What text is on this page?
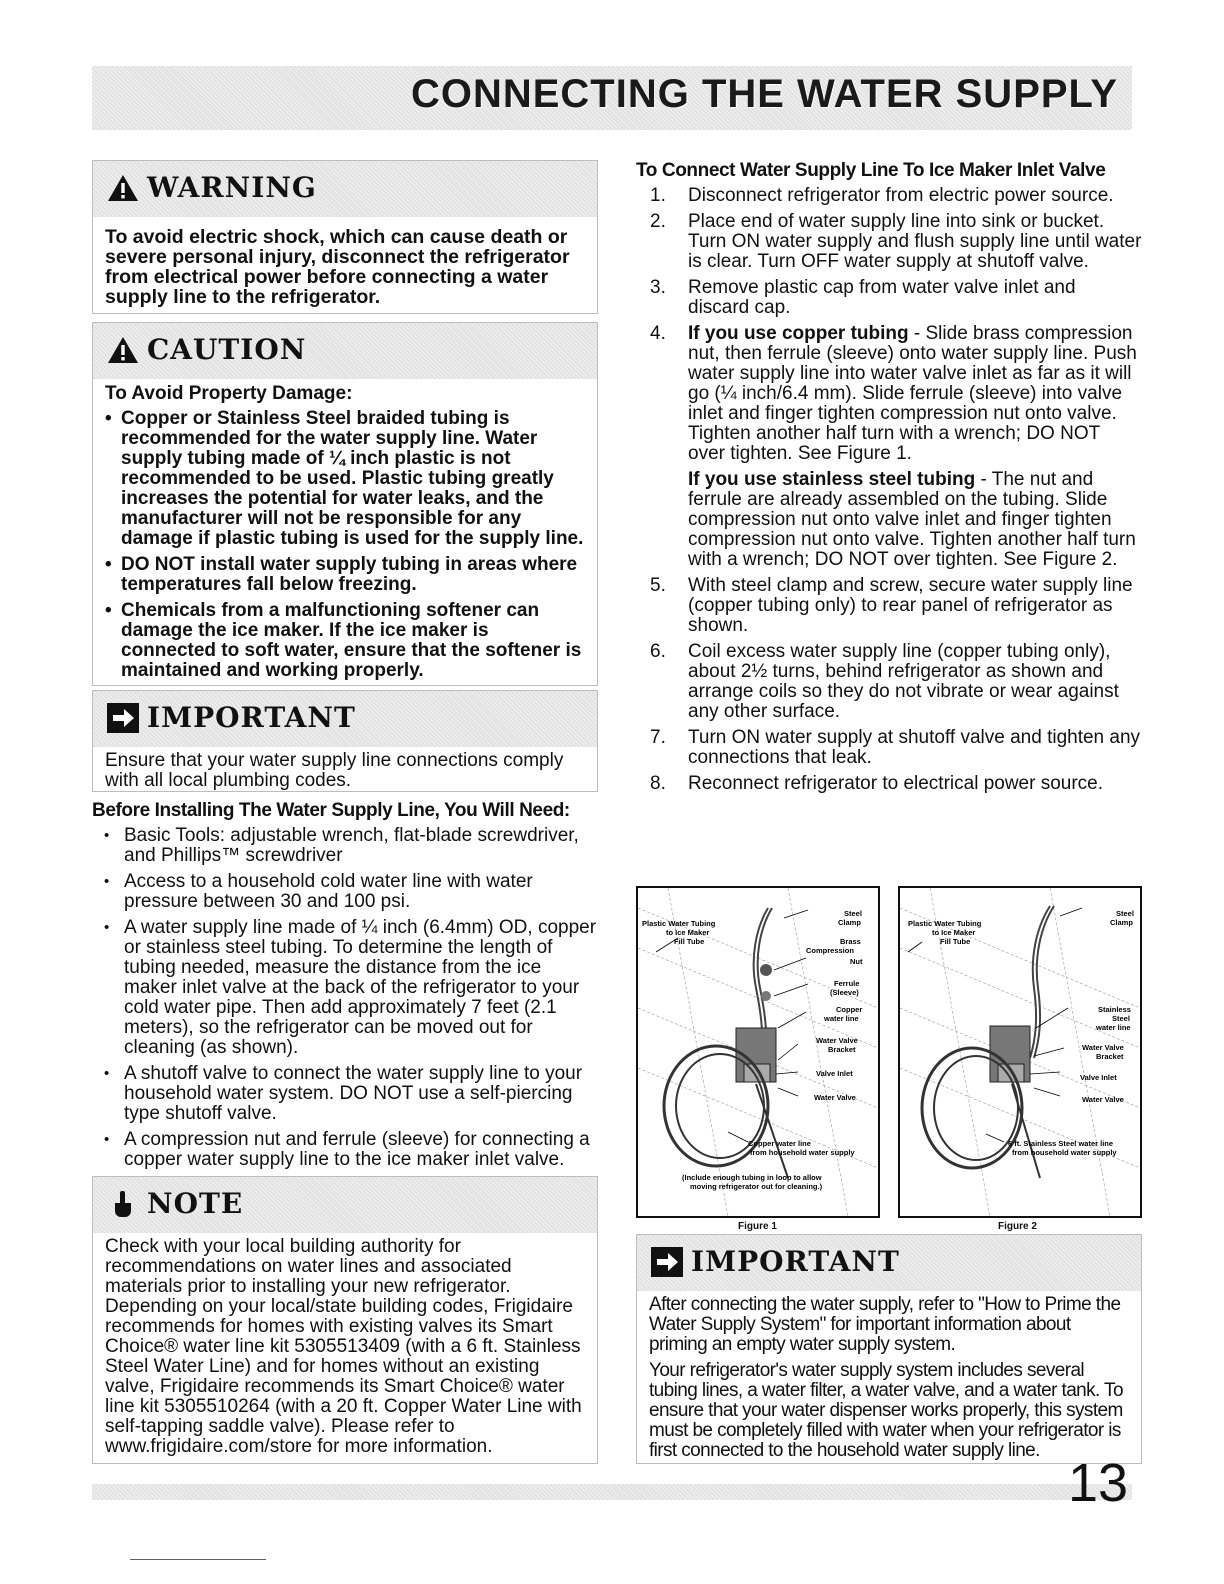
CONNECTING THE WATER SUPPLY
WARNING
To avoid electric shock, which can cause death or severe personal injury, disconnect the refrigerator from electrical power before connecting a water supply line to the refrigerator.
CAUTION
To Avoid Property Damage:
• Copper or Stainless Steel braided tubing is recommended for the water supply line. Water supply tubing made of ¼ inch plastic is not recommended to be used. Plastic tubing greatly increases the potential for water leaks, and the manufacturer will not be responsible for any damage if plastic tubing is used for the supply line.
• DO NOT install water supply tubing in areas where temperatures fall below freezing.
• Chemicals from a malfunctioning softener can damage the ice maker. If the ice maker is connected to soft water, ensure that the softener is maintained and working properly.
IMPORTANT
Ensure that your water supply line connections comply with all local plumbing codes.
Before Installing The Water Supply Line, You Will Need:
• Basic Tools: adjustable wrench, flat-blade screwdriver, and Phillips™ screwdriver
• Access to a household cold water line with water pressure between 30 and 100 psi.
• A water supply line made of ¼ inch (6.4mm) OD, copper or stainless steel tubing. To determine the length of tubing needed, measure the distance from the ice maker inlet valve at the back of the refrigerator to your cold water pipe. Then add approximately 7 feet (2.1 meters), so the refrigerator can be moved out for cleaning (as shown).
• A shutoff valve to connect the water supply line to your household water system. DO NOT use a self-piercing type shutoff valve.
• A compression nut and ferrule (sleeve) for connecting a copper water supply line to the ice maker inlet valve.
NOTE
Check with your local building authority for recommendations on water lines and associated materials prior to installing your new refrigerator. Depending on your local/state building codes, Frigidaire recommends for homes with existing valves its Smart Choice® water line kit 5305513409 (with a 6 ft. Stainless Steel Water Line) and for homes without an existing valve, Frigidaire recommends its Smart Choice® water line kit 5305510264 (with a 20 ft. Copper Water Line with self-tapping saddle valve). Please refer to www.frigidaire.com/store for more information.
To Connect Water Supply Line To Ice Maker Inlet Valve
1. Disconnect refrigerator from electric power source.
2. Place end of water supply line into sink or bucket. Turn ON water supply and flush supply line until water is clear. Turn OFF water supply at shutoff valve.
3. Remove plastic cap from water valve inlet and discard cap.
4. If you use copper tubing - Slide brass compression nut, then ferrule (sleeve) onto water supply line. Push water supply line into water valve inlet as far as it will go (¼ inch/6.4 mm). Slide ferrule (sleeve) into valve inlet and finger tighten compression nut onto valve. Tighten another half turn with a wrench; DO NOT over tighten. See Figure 1.

If you use stainless steel tubing - The nut and ferrule are already assembled on the tubing. Slide compression nut onto valve inlet and finger tighten compression nut onto valve. Tighten another half turn with a wrench; DO NOT over tighten. See Figure 2.

5. With steel clamp and screw, secure water supply line (copper tubing only) to rear panel of refrigerator as shown.
6. Coil excess water supply line (copper tubing only), about 2½ turns, behind refrigerator as shown and arrange coils so they do not vibrate or wear against any other surface.
7. Turn ON water supply at shutoff valve and tighten any connections that leak.
8. Reconnect refrigerator to electrical power source.
Plastic Water Tubing
to Ice Maker
Fill Tube
Steel
Clamp
Brass
Compression
Nut
Ferrule
(Sleeve)
Copper
water line
Water Valve
Bracket
Valve Inlet
Water Valve
Copper water line
from household water supply
(Include enough tubing in loop to allow
moving refrigerator out for cleaning.)
Figure 1
Plastic Water Tubing
to Ice Maker
Fill Tube
Steel
Clamp
Stainless
Steel
water line
Water Valve
Bracket
Valve Inlet
Water Valve
6 ft. Stainless Steel water line
from household water supply
Figure 2
IMPORTANT

After connecting the water supply, refer to "How to Prime the Water Supply System" for important information about priming an empty water supply system.

Your refrigerator's water supply system includes several tubing lines, a water filter, a water valve, and a water tank. To ensure that your water dispenser works properly, this system must be completely filled with water when your refrigerator is first connected to the household water supply line.

13
